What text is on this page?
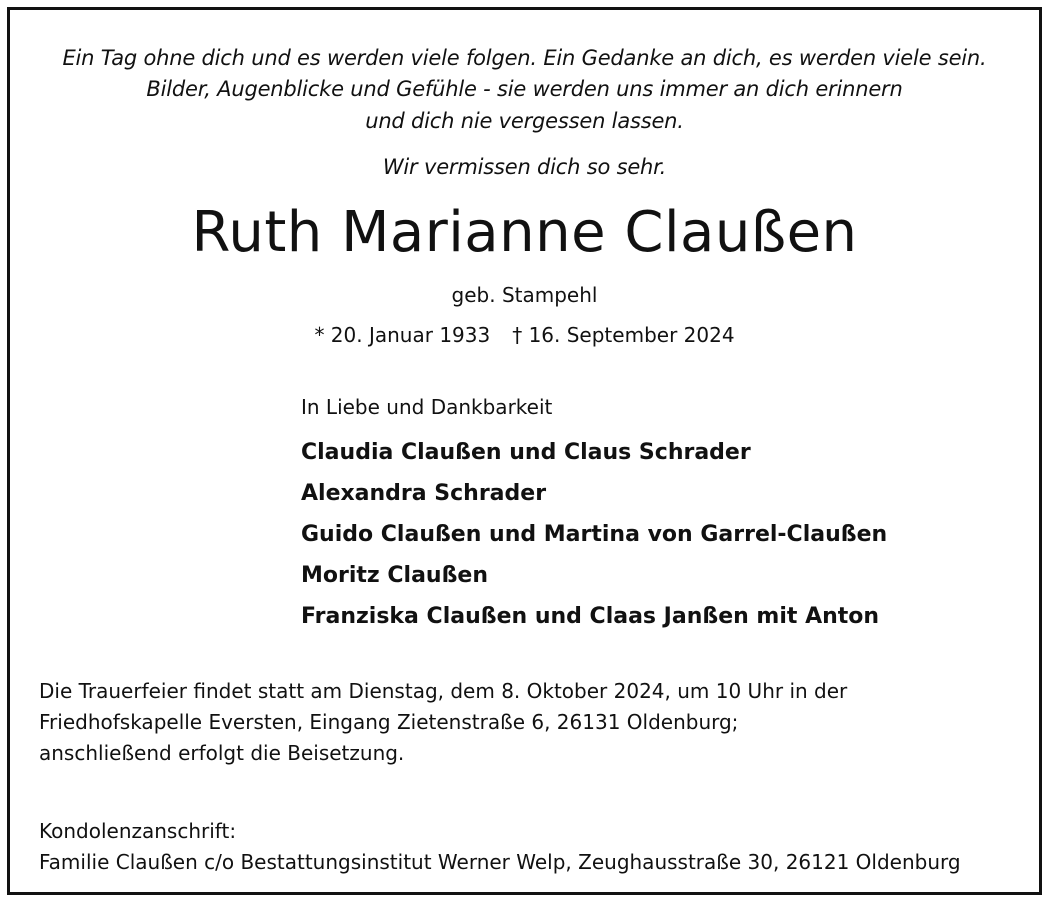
Ein Tag ohne dich und es werden viele folgen. Ein Gedanke an dich, es werden viele sein.
Bilder, Augenblicke und Gefühle - sie werden uns immer an dich erinnern
und dich nie vergessen lassen.
Wir vermissen dich so sehr.
Ruth Marianne Claußen
geb. Stampehl
* 20. Januar 1933 † 16. September 2024
In Liebe und Dankbarkeit
Claudia Claußen und Claus Schrader
Alexandra Schrader
Guido Claußen und Martina von Garrel-Claußen
Moritz Claußen
Franziska Claußen und Claas Janßen mit Anton
Die Trauerfeier findet statt am Dienstag, dem 8. Oktober 2024, um 10 Uhr in der
Friedhofskapelle Eversten, Eingang Zietenstraße 6, 26131 Oldenburg;
anschließend erfolgt die Beisetzung.
Kondolenzanschrift:
Familie Claußen c/o Bestattungsinstitut Werner Welp, Zeughausstraße 30, 26121 Oldenburg
